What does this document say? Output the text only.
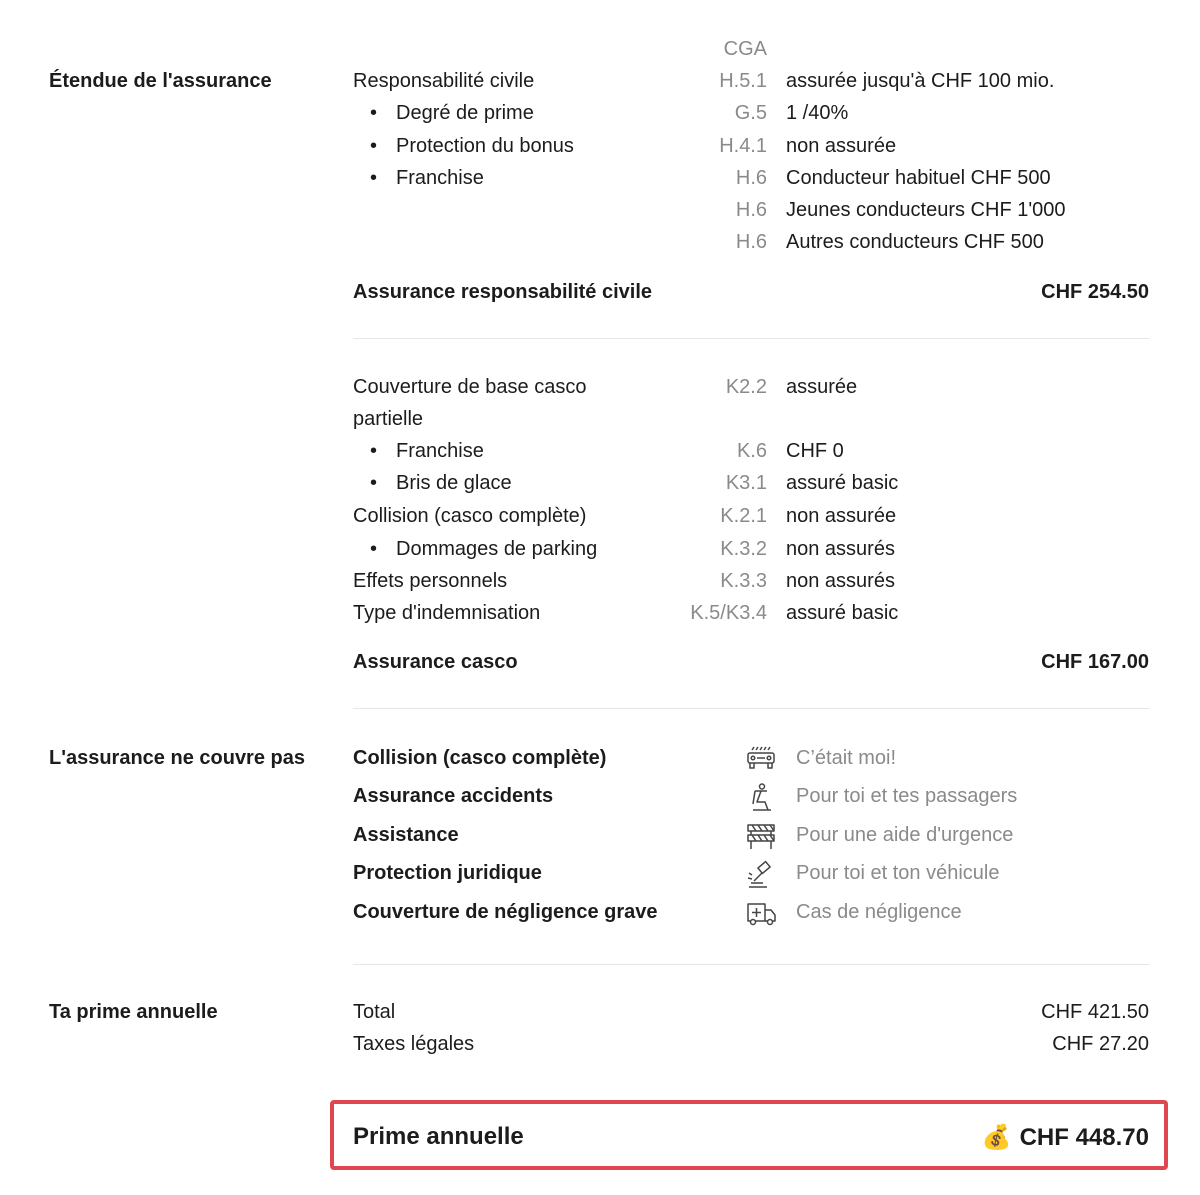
Étendue de l'assurance
CGA
Responsabilité civile	H.5.1 assurée jusqu'à CHF 100 mio.
• Degré de prime	G.5 1 /40%
• Protection du bonus	H.4.1 non assurée
• Franchise	H.6 Conducteur habituel CHF 500
H.6 Jeunes conducteurs CHF 1'000
H.6 Autres conducteurs CHF 500
Assurance responsabilité civile	CHF 254.50
Couverture de base casco	K2.2 assurée
partielle
• Franchise	K.6 CHF 0
• Bris de glace	K3.1 assuré basic
Collision (casco complète)	K.2.1 non assurée
• Dommages de parking	K.3.2 non assurés
Effets personnels	K.3.3 non assurés
Type d'indemnisation	K.5/K3.4 assuré basic
Assurance casco	CHF 167.00
L'assurance ne couvre pas Collision (casco complète)	C’était moi!
Assurance accidents	Pour toi et tes passagers
Assistance	Pour une aide d'urgence
Protection juridique	Pour toi et ton véhicule
Couverture de négligence grave	Cas de négligence
Ta prime annuelle	Total	CHF 421.50
Taxes légales	CHF 27.20
Prime annuelle	💰 CHF 448.70
